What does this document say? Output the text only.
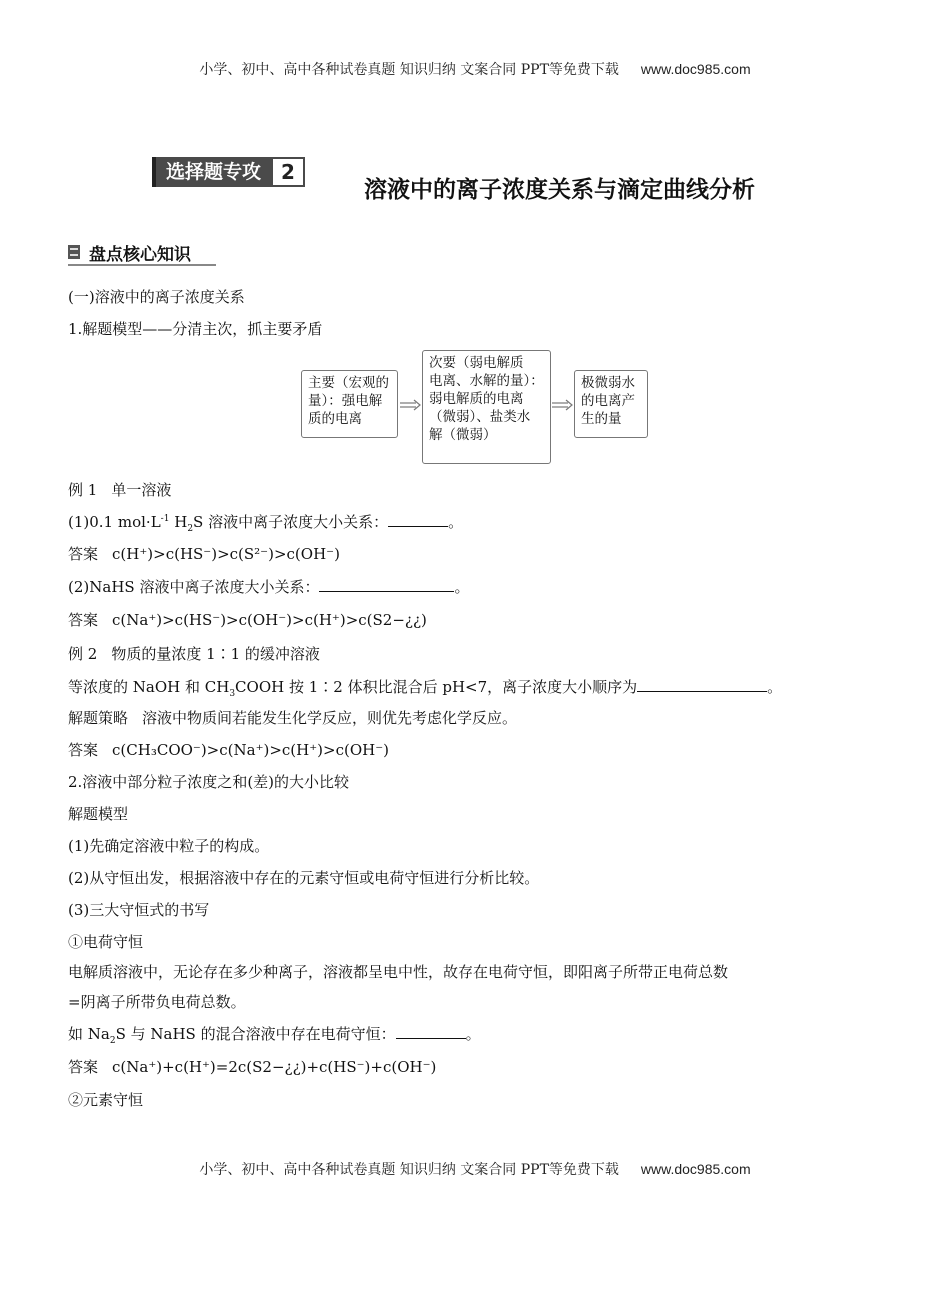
小学、初中、高中各种试卷真题 知识归纳 文案合同 PPT等免费下载 www.doc985.com
选择题专攻	2
溶液中的离子浓度关系与滴定曲线分析
盘点核心知识
(一)溶液中的离子浓度关系
1.解题模型——分清主次，抓主要矛盾

主要（宏观的

量）：强电解

质的电离

次要（弱电解质

电离、水解的量）：

弱电解质的电离

（微弱）、盐类水

解（微弱）

极微弱水

的电离产

生的量

例 1 单一溶液
(1)0.1 $mol\cdot L^{-1}$ $H_2S$ 溶液中离子浓度大小关系：	。
答案 c(H⁺)>c(HS⁻)>c(S²⁻)>c(OH⁻)
(2)NaHS 溶液中离子浓度大小关系：	。
答案 c(Na⁺)>c(HS⁻)>c(OH⁻)>c(H⁺)>c(S2−¿¿)
例 2 物质的量浓度 1∶1 的缓冲溶液
等浓度的 NaOH 和 $CH_3COOH$ 按 1∶2 体积比混合后 pH<7，离子浓度大小顺序为	。
解题策略 溶液中物质间若能发生化学反应，则优先考虑化学反应。
答案 c(CH₃COO⁻)>c(Na⁺)>c(H⁺)>c(OH⁻)
2.溶液中部分粒子浓度之和(差)的大小比较
解题模型
(1)先确定溶液中粒子的构成。
(2)从守恒出发，根据溶液中存在的元素守恒或电荷守恒进行分析比较。
(3)三大守恒式的书写
①电荷守恒
电解质溶液中，无论存在多少种离子，溶液都呈电中性，故存在电荷守恒，即阳离子所带正电荷总数
=阴离子所带负电荷总数。
如 $Na_2S$ 与 NaHS 的混合溶液中存在电荷守恒：	。
答案 c(Na⁺)+c(H⁺)=2c(S2−¿¿)+c(HS⁻)+c(OH⁻)
②元素守恒
小学、初中、高中各种试卷真题 知识归纳 文案合同 PPT等免费下载 www.doc985.com
